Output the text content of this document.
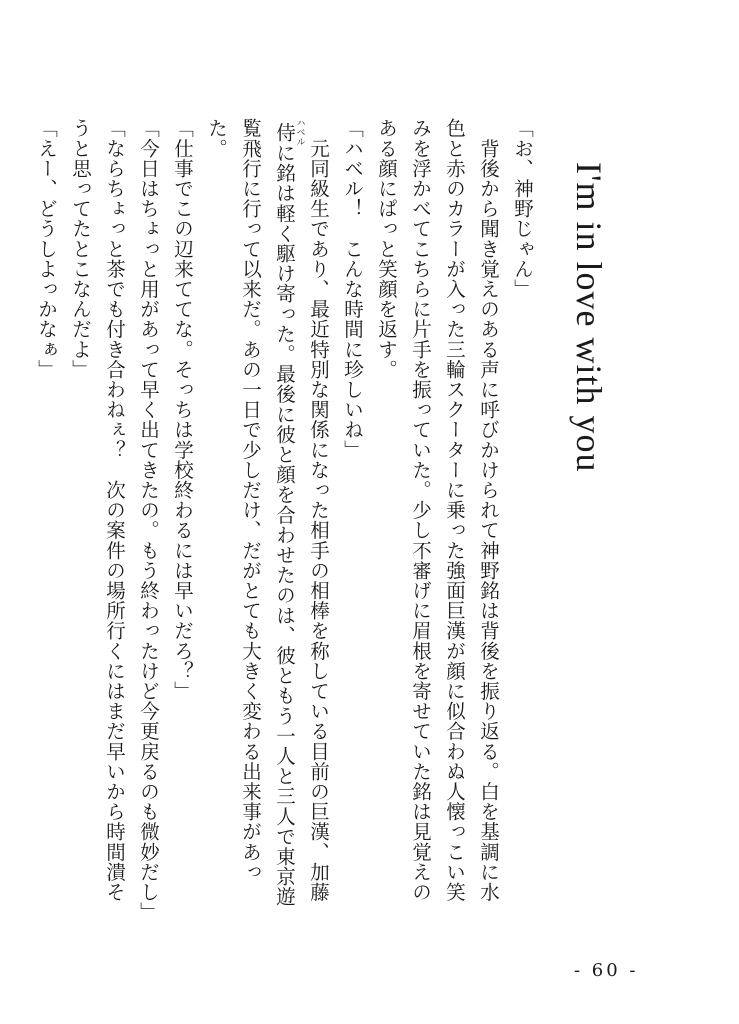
I'm in love with you

「お、神野じゃん」

　背後から聞き覚えのある声に呼びかけられて神野銘は背後を振り返る。白を基調に水色と赤のカラーが入った三輪スクーターに乗った強面巨漢が顔に似合わぬ人懐っこい笑みを浮かべてこちらに片手を振っていた。少し不審げに眉根を寄せていた銘は見覚えのある顔にぱっと笑顔を返す。

「ハベル！　こんな時間に珍しいね」

　元同級生であり、最近特別な関係になった相手の相棒を称している目前の巨漢、加藤侍ハベルに銘は軽く駆け寄った。最後に彼と顔を合わせたのは、彼ともう一人と三人で東京遊覧飛行に行って以来だ。あの一日で少しだけ、だがとても大きく変わる出来事があった。

「仕事でこの辺来ててな。そっちは学校終わるには早いだろ？」

「今日はちょっと用があって早く出てきたの。もう終わったけど今更戻るのも微妙だし」

「ならちょっと茶でも付き合わねぇ？　次の案件の場所行くにはまだ早いから時間潰そうと思ってたとこなんだよ」

「えー、どうしよっかなぁ」

- 60 -
